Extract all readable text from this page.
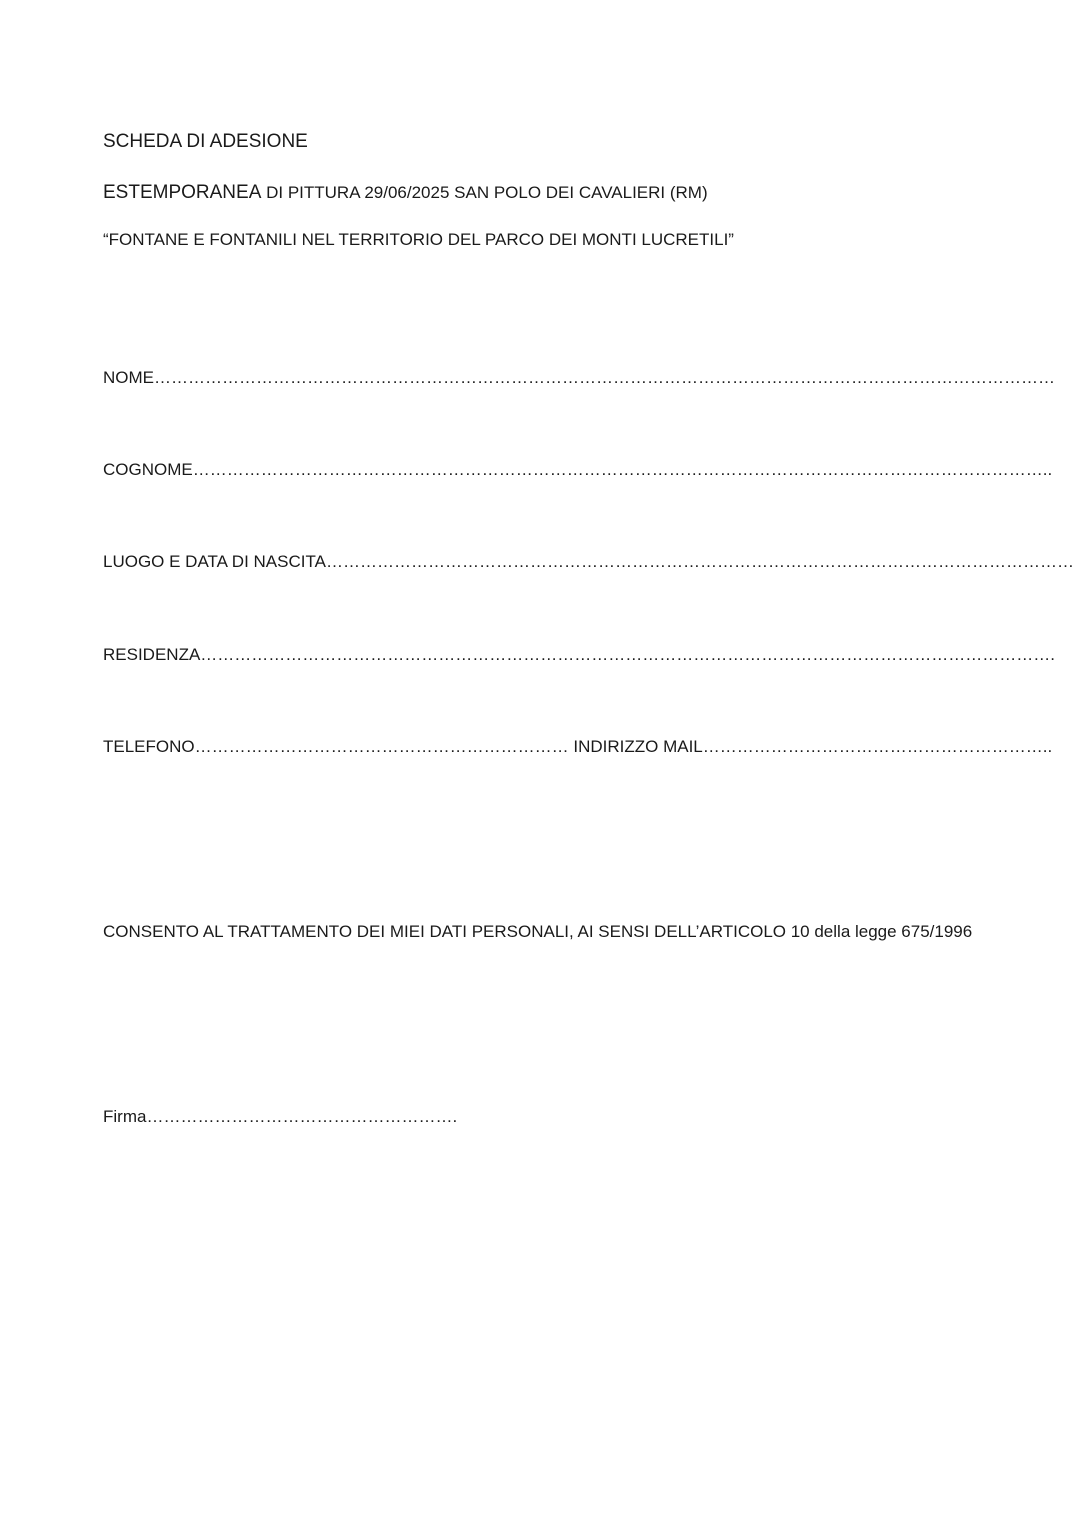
SCHEDA DI ADESIONE
ESTEMPORANEA DI PITTURA 29/06/2025 SAN POLO DEI CAVALIERI (RM)
“FONTANE E FONTANILI NEL TERRITORIO DEL PARCO DEI MONTI LUCRETILI”
NOME……………………………………………………………………………………………………………………………………………
COGNOME……………………………………………………………………………………………………………………………………..
LUOGO E DATA DI NASCITA……………………………………………………………………………………………………………………
RESIDENZA…………………………………………………………………………………………………………………………………….
TELEFONO………………………………………………………… INDIRIZZO MAIL……………………………………………………..
CONSENTO AL TRATTAMENTO DEI MIEI DATI PERSONALI, AI SENSI DELL’ARTICOLO 10 della legge 675/1996
Firma……………………………………………….
